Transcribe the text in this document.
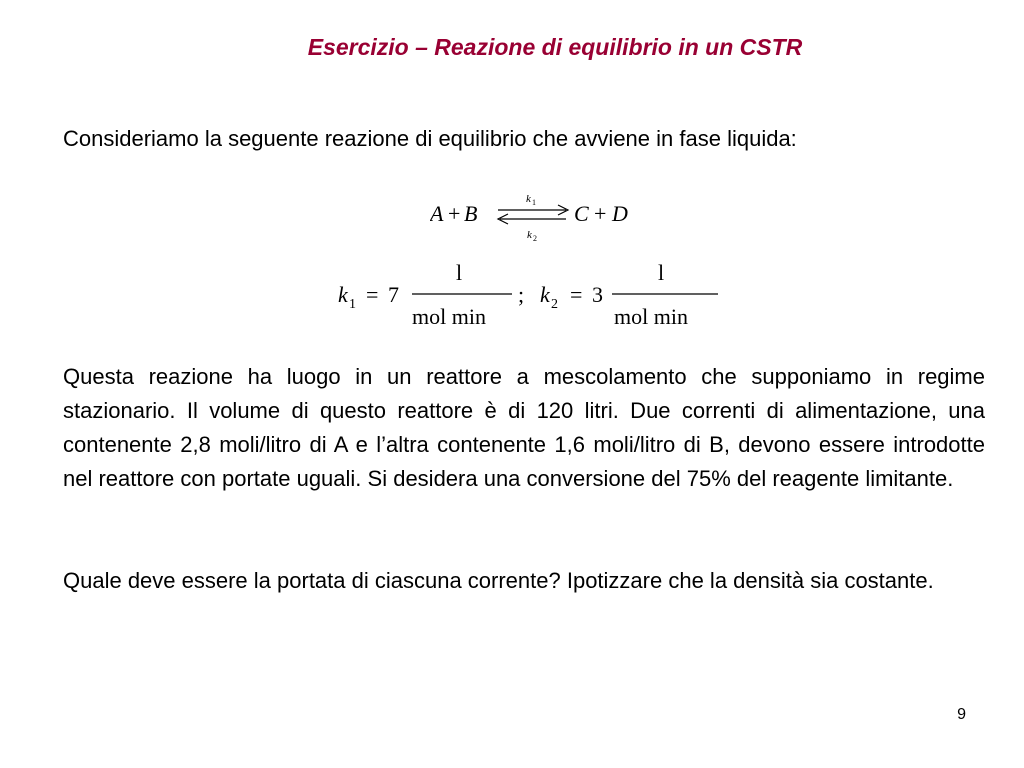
Esercizio – Reazione di equilibrio in un CSTR

Consideriamo la seguente reazione di equilibrio che avviene in fase liquida:

A + B
k 1
k 2
C + D
k 1 = 7
l
mol min
; k 2 = 3
l
mol min

Questa reazione ha luogo in un reattore a mescolamento che supponiamo in regime stazionario. Il volume di questo reattore è di 120 litri. Due correnti di alimentazione, una contenente 2,8 moli/litro di A e l’altra contenente 1,6 moli/litro di B, devono essere introdotte nel reattore con portate uguali. Si desidera una conversione del 75% del reagente limitante.

Quale deve essere la portata di ciascuna corrente? Ipotizzare che la densità sia costante.

9
